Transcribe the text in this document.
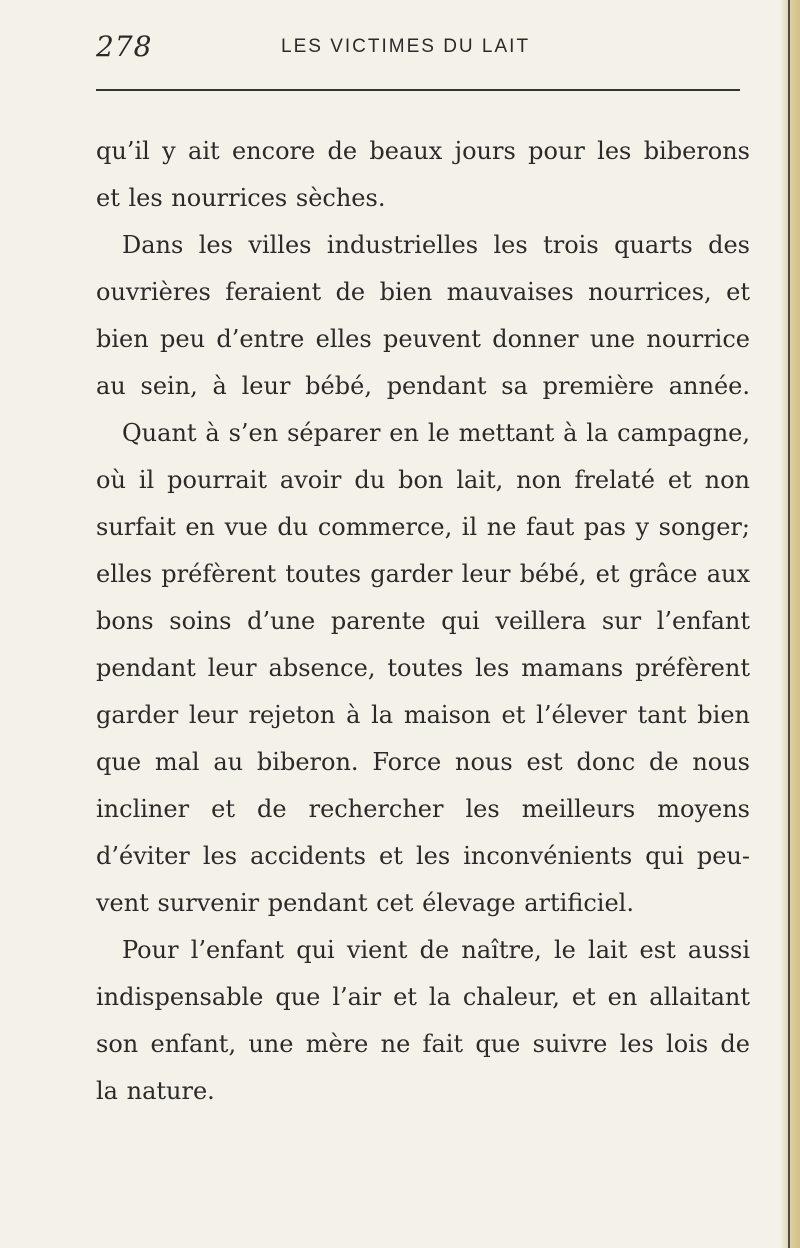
278	LES VICTIMES DU LAIT
qu’il y ait encore de beaux jours pour les biberons
et les nourrices sèches.
Dans les villes industrielles les trois quarts des
ouvrières feraient de bien mauvaises nourrices, et
bien peu d’entre elles peuvent donner une nourrice
au sein, à leur bébé, pendant sa première année.
Quant à s’en séparer en le mettant à la campagne,
où il pourrait avoir du bon lait, non frelaté et non
surfait en vue du commerce, il ne faut pas y songer;
elles préfèrent toutes garder leur bébé, et grâce aux
bons soins d’une parente qui veillera sur l’enfant
pendant leur absence, toutes les mamans préfèrent
garder leur rejeton à la maison et l’élever tant bien
que mal au biberon. Force nous est donc de nous
incliner et de rechercher les meilleurs moyens
d’éviter les accidents et les inconvénients qui peu-
vent survenir pendant cet élevage artificiel.
Pour l’enfant qui vient de naître, le lait est aussi
indispensable que l’air et la chaleur, et en allaitant
son enfant, une mère ne fait que suivre les lois de
la nature.
